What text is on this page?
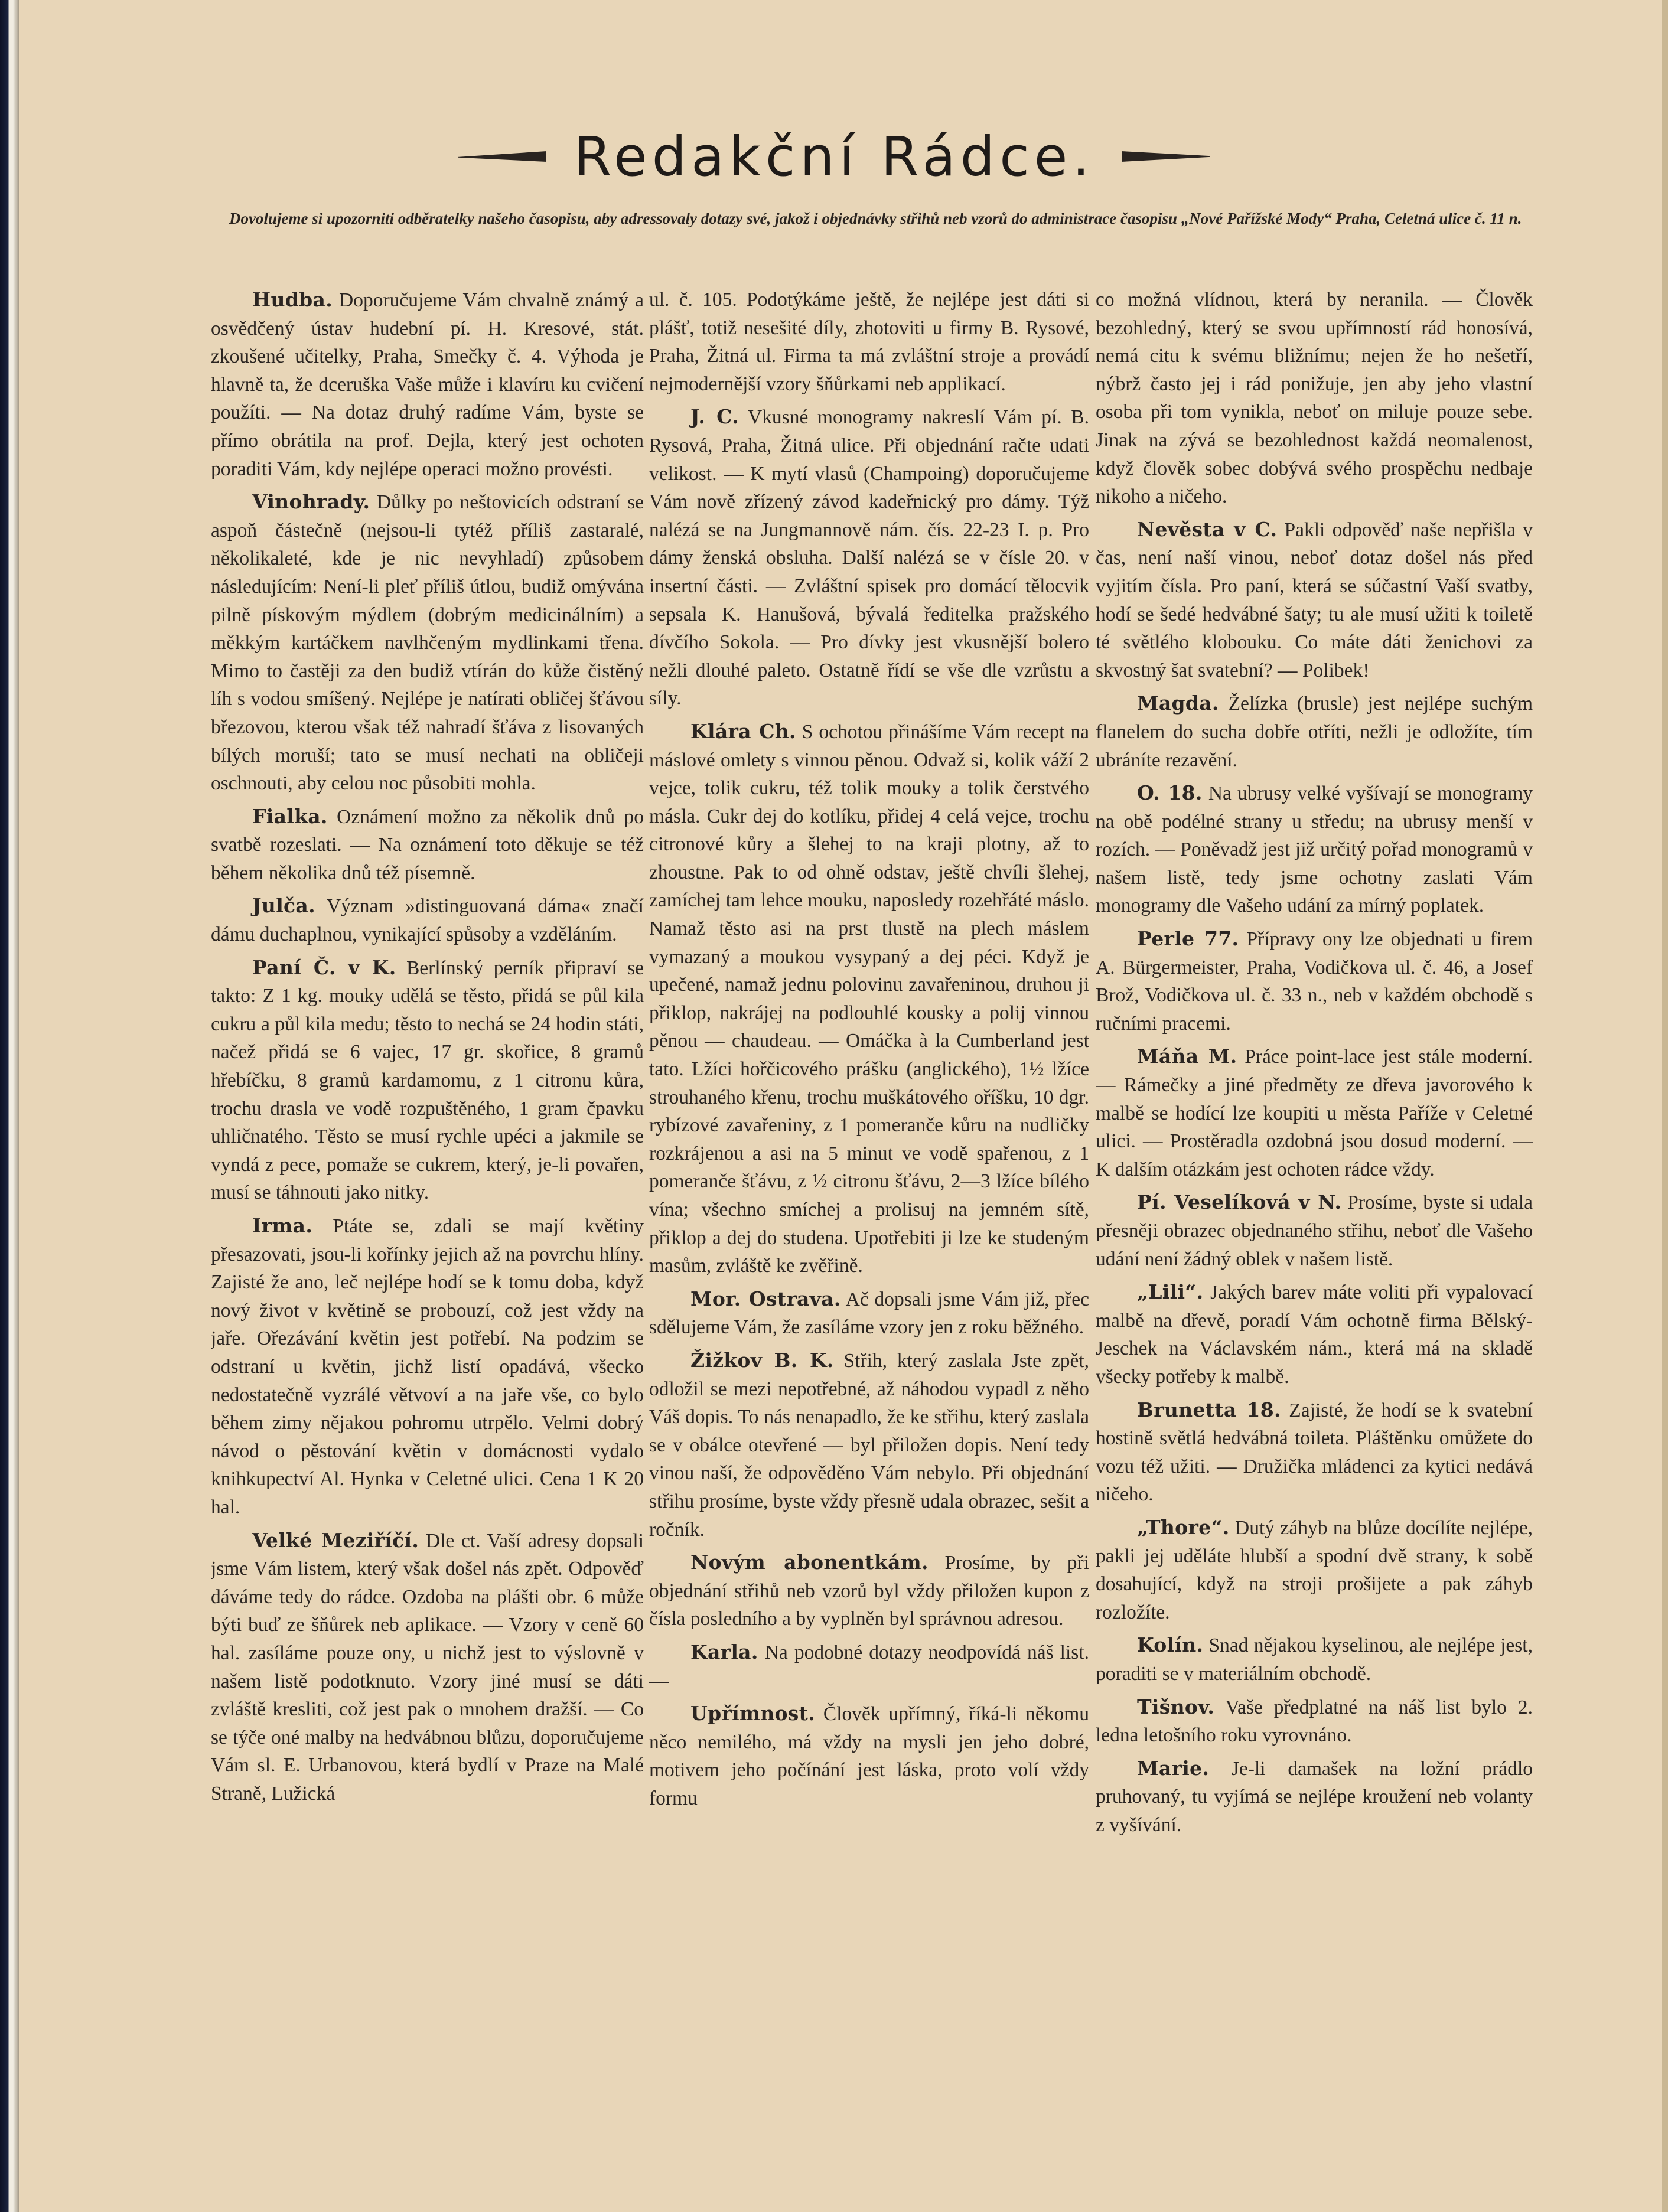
Redakční Rádce.

Dovolujeme si upozorniti odběratelky našeho časopisu, aby adressovaly dotazy své, jakož i objednávky střihů neb vzorů do administrace časopisu „Nové Pařížské Mody“ Praha, Celetná ulice č. 11 n.

Hudba. Doporučujeme Vám chvalně známý a osvědčený ústav hudební pí. H. Kresové, stát. zkoušené učitelky, Praha, Smečky č. 4. Výhoda je hlavně ta, že dceruška Vaše může i klavíru ku cvičení použíti. — Na dotaz druhý radíme Vám, byste se přímo obrátila na prof. Dejla, který jest ochoten poraditi Vám, kdy nejlépe operaci možno provésti.

Vinohrady. Důlky po neštovicích odstraní se aspoň částečně (nejsou-li tytéž příliš zastaralé, několikaleté, kde je nic nevyhladí) způsobem následujícím: Není-li pleť příliš útlou, budiž omývána pilně pískovým mýdlem (dobrým medicinálním) a měkkým kartáčkem navlhčeným mydlinkami třena. Mimo to častěji za den budiž vtírán do kůže čistěný líh s vodou smíšený. Nejlépe je natírati obličej šťávou březovou, kterou však též nahradí šťáva z lisovaných bílých moruší; tato se musí nechati na obličeji oschnouti, aby celou noc působiti mohla.

Fialka. Oznámení možno za několik dnů po svatbě rozeslati. — Na oznámení toto děkuje se též během několika dnů též písemně.

Julča. Význam »distinguovaná dáma« značí dámu duchaplnou, vynikající spůsoby a vzděláním.

Paní Č. v K. Berlínský perník připraví se takto: Z 1 kg. mouky udělá se těsto, přidá se půl kila cukru a půl kila medu; těsto to nechá se 24 hodin státi, načež přidá se 6 vajec, 17 gr. skořice, 8 gramů hřebíčku, 8 gramů kardamomu, z 1 citronu kůra, trochu drasla ve vodě rozpuštěného, 1 gram čpavku uhličnatého. Těsto se musí rychle upéci a jakmile se vyndá z pece, pomaže se cukrem, který, je-li povařen, musí se táhnouti jako nitky.

Irma. Ptáte se, zdali se mají květiny přesazovati, jsou-li kořínky jejich až na povrchu hlíny. Zajisté že ano, leč nejlépe hodí se k tomu doba, když nový život v květině se probouzí, což jest vždy na jaře. Ořezávání květin jest potřebí. Na podzim se odstraní u květin, jichž listí opadává, všecko nedostatečně vyzrálé větvoví a na jaře vše, co bylo během zimy nějakou pohromu utrpělo. Velmi dobrý návod o pěstování květin v domácnosti vydalo knihkupectví Al. Hynka v Celetné ulici. Cena 1 K 20 hal.

Velké Meziříčí. Dle ct. Vaší adresy dopsali jsme Vám listem, který však došel nás zpět. Odpověď dáváme tedy do rádce. Ozdoba na plášti obr. 6 může býti buď ze šňůrek neb aplikace. — Vzory v ceně 60 hal. zasíláme pouze ony, u nichž jest to výslovně v našem listě podotknuto. Vzory jiné musí se dáti zvláště kresliti, což jest pak o mnohem dražší. — Co se týče oné malby na hedvábnou blůzu, doporučujeme Vám sl. E. Urbanovou, která bydlí v Praze na Malé Straně, Lužická

ul. č. 105. Podotýkáme ještě, že nejlépe jest dáti si plášť, totiž nesešité díly, zhotoviti u firmy B. Rysové, Praha, Žitná ul. Firma ta má zvláštní stroje a provádí nejmodernější vzory šňůrkami neb applikací.

J. C. Vkusné monogramy nakreslí Vám pí. B. Rysová, Praha, Žitná ulice. Při objednání račte udati velikost. — K mytí vlasů (Champoing) doporučujeme Vám nově zřízený závod kadeřnický pro dámy. Týž nalézá se na Jungmannově nám. čís. 22-23 I. p. Pro dámy ženská obsluha. Další nalézá se v čísle 20. v insertní části. — Zvláštní spisek pro domácí tělocvik sepsala K. Hanušová, bývalá ředitelka pražského dívčího Sokola. — Pro dívky jest vkusnější bolero nežli dlouhé paleto. Ostatně řídí se vše dle vzrůstu a síly.

Klára Ch. S ochotou přinášíme Vám recept na máslové omlety s vinnou pěnou. Odvaž si, kolik váží 2 vejce, tolik cukru, též tolik mouky a tolik čerstvého másla. Cukr dej do kotlíku, přidej 4 celá vejce, trochu citronové kůry a šlehej to na kraji plotny, až to zhoustne. Pak to od ohně odstav, ještě chvíli šlehej, zamíchej tam lehce mouku, naposledy rozehřáté máslo. Namaž těsto asi na prst tlustě na plech máslem vymazaný a moukou vysypaný a dej péci. Když je upečené, namaž jednu polovinu zavařeninou, druhou ji přiklop, nakrájej na podlouhlé kousky a polij vinnou pěnou — chaudeau. — Omáčka à la Cumberland jest tato. Lžíci hořčicového prášku (anglického), 1½ lžíce strouhaného křenu, trochu muškátového oříšku, 10 dgr. rybízové zavařeniny, z 1 pomeranče kůru na nudličky rozkrájenou a asi na 5 minut ve vodě spařenou, z 1 pomeranče šťávu, z ½ citronu šťávu, 2—3 lžíce bílého vína; všechno smíchej a prolisuj na jemném sítě, přiklop a dej do studena. Upotřebiti ji lze ke studeným masům, zvláště ke zvěřině.

Mor. Ostrava. Ač dopsali jsme Vám již, přec sdělujeme Vám, že zasíláme vzory jen z roku běžného.

Žižkov B. K. Střih, který zaslala Jste zpět, odložil se mezi nepotřebné, až náhodou vypadl z něho Váš dopis. To nás nenapadlo, že ke střihu, který zaslala se v obálce otevřené — byl přiložen dopis. Není tedy vinou naší, že odpověděno Vám nebylo. Při objednání střihu prosíme, byste vždy přesně udala obrazec, sešit a ročník.

Novým abonentkám. Prosíme, by při objednání střihů neb vzorů byl vždy přiložen kupon z čísla posledního a by vyplněn byl správnou adresou.

Karla. Na podobné dotazy neodpovídá náš list. —

Upřímnost. Člověk upřímný, říká-li někomu něco nemilého, má vždy na mysli jen jeho dobré, motivem jeho počínání jest láska, proto volí vždy formu

co možná vlídnou, která by neranila. — Člověk bezohledný, který se svou upřímností rád honosívá, nemá citu k svému bližnímu; nejen že ho nešetří, nýbrž často jej i rád ponižuje, jen aby jeho vlastní osoba při tom vynikla, neboť on miluje pouze sebe. Jinak na zývá se bezohlednost každá neomalenost, když člověk sobec dobývá svého prospěchu nedbaje nikoho a ničeho.

Nevěsta v C. Pakli odpověď naše nepřišla v čas, není naší vinou, neboť dotaz došel nás před vyjitím čísla. Pro paní, která se súčastní Vaší svatby, hodí se šedé hedvábné šaty; tu ale musí užiti k toiletě té světlého klobouku. Co máte dáti ženichovi za skvostný šat svatební? — Polibek!

Magda. Želízka (brusle) jest nejlépe suchým flanelem do sucha dobře otříti, nežli je odložíte, tím ubráníte rezavění.

O. 18. Na ubrusy velké vyšívají se monogramy na obě podélné strany u středu; na ubrusy menší v rozích. — Poněvadž jest již určitý pořad monogramů v našem listě, tedy jsme ochotny zaslati Vám monogramy dle Vašeho udání za mírný poplatek.

Perle 77. Přípravy ony lze objednati u firem A. Bürgermeister, Praha, Vodičkova ul. č. 46, a Josef Brož, Vodičkova ul. č. 33 n., neb v každém obchodě s ručními pracemi.

Máňa M. Práce point-lace jest stále moderní. — Rámečky a jiné předměty ze dřeva javorového k malbě se hodící lze koupiti u města Paříže v Celetné ulici. — Prostěradla ozdobná jsou dosud moderní. — K dalším otázkám jest ochoten rádce vždy.

Pí. Veselíková v N. Prosíme, byste si udala přesněji obrazec objednaného střihu, neboť dle Vašeho udání není žádný oblek v našem listě.

„Lili“. Jakých barev máte voliti při vypalovací malbě na dřevě, poradí Vám ochotně firma Bělský-Jeschek na Václavském nám., která má na skladě všecky potřeby k malbě.

Brunetta 18. Zajisté, že hodí se k svatební hostině světlá hedvábná toileta. Pláštěnku omůžete do vozu též užiti. — Družička mládenci za kytici nedává ničeho.

„Thore“. Dutý záhyb na blůze docílíte nejlépe, pakli jej uděláte hlubší a spodní dvě strany, k sobě dosahující, když na stroji prošijete a pak záhyb rozložíte.

Kolín. Snad nějakou kyselinou, ale nejlépe jest, poraditi se v materiálním obchodě.

Tišnov. Vaše předplatné na náš list bylo 2. ledna letošního roku vyrovnáno.

Marie. Je-li damašek na ložní prádlo pruhovaný, tu vyjímá se nejlépe kroužení neb volanty z vyšívání.
